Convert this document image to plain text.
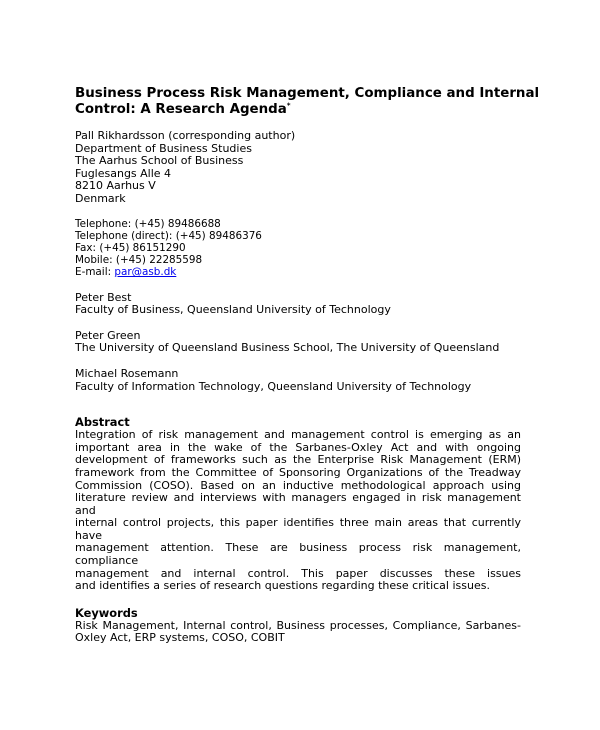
Business Process Risk Management, Compliance and Internal
Control: A Research Agenda*
Pall Rikhardsson (corresponding author)
Department of Business Studies
The Aarhus School of Business
Fuglesangs Alle 4
8210 Aarhus V
Denmark
Telephone: (+45) 89486688
Telephone (direct): (+45) 89486376
Fax: (+45) 86151290
Mobile: (+45) 22285598
E-mail: par@asb.dk
Peter Best
Faculty of Business, Queensland University of Technology
Peter Green
The University of Queensland Business School, The University of Queensland
Michael Rosemann
Faculty of Information Technology, Queensland University of Technology
Abstract
Integration of risk management and management control is emerging as an
important area in the wake of the Sarbanes-Oxley Act and with ongoing
development of frameworks such as the Enterprise Risk Management (ERM)
framework from the Committee of Sponsoring Organizations of the Treadway
Commission (COSO). Based on an inductive methodological approach using
literature review and interviews with managers engaged in risk management and
internal control projects, this paper identifies three main areas that currently have
management attention. These are business process risk management, compliance
management and internal control. This paper discusses these issues
and identifies a series of research questions regarding these critical issues.
Keywords
Risk Management, Internal control, Business processes, Compliance, Sarbanes-
Oxley Act, ERP systems, COSO, COBIT
